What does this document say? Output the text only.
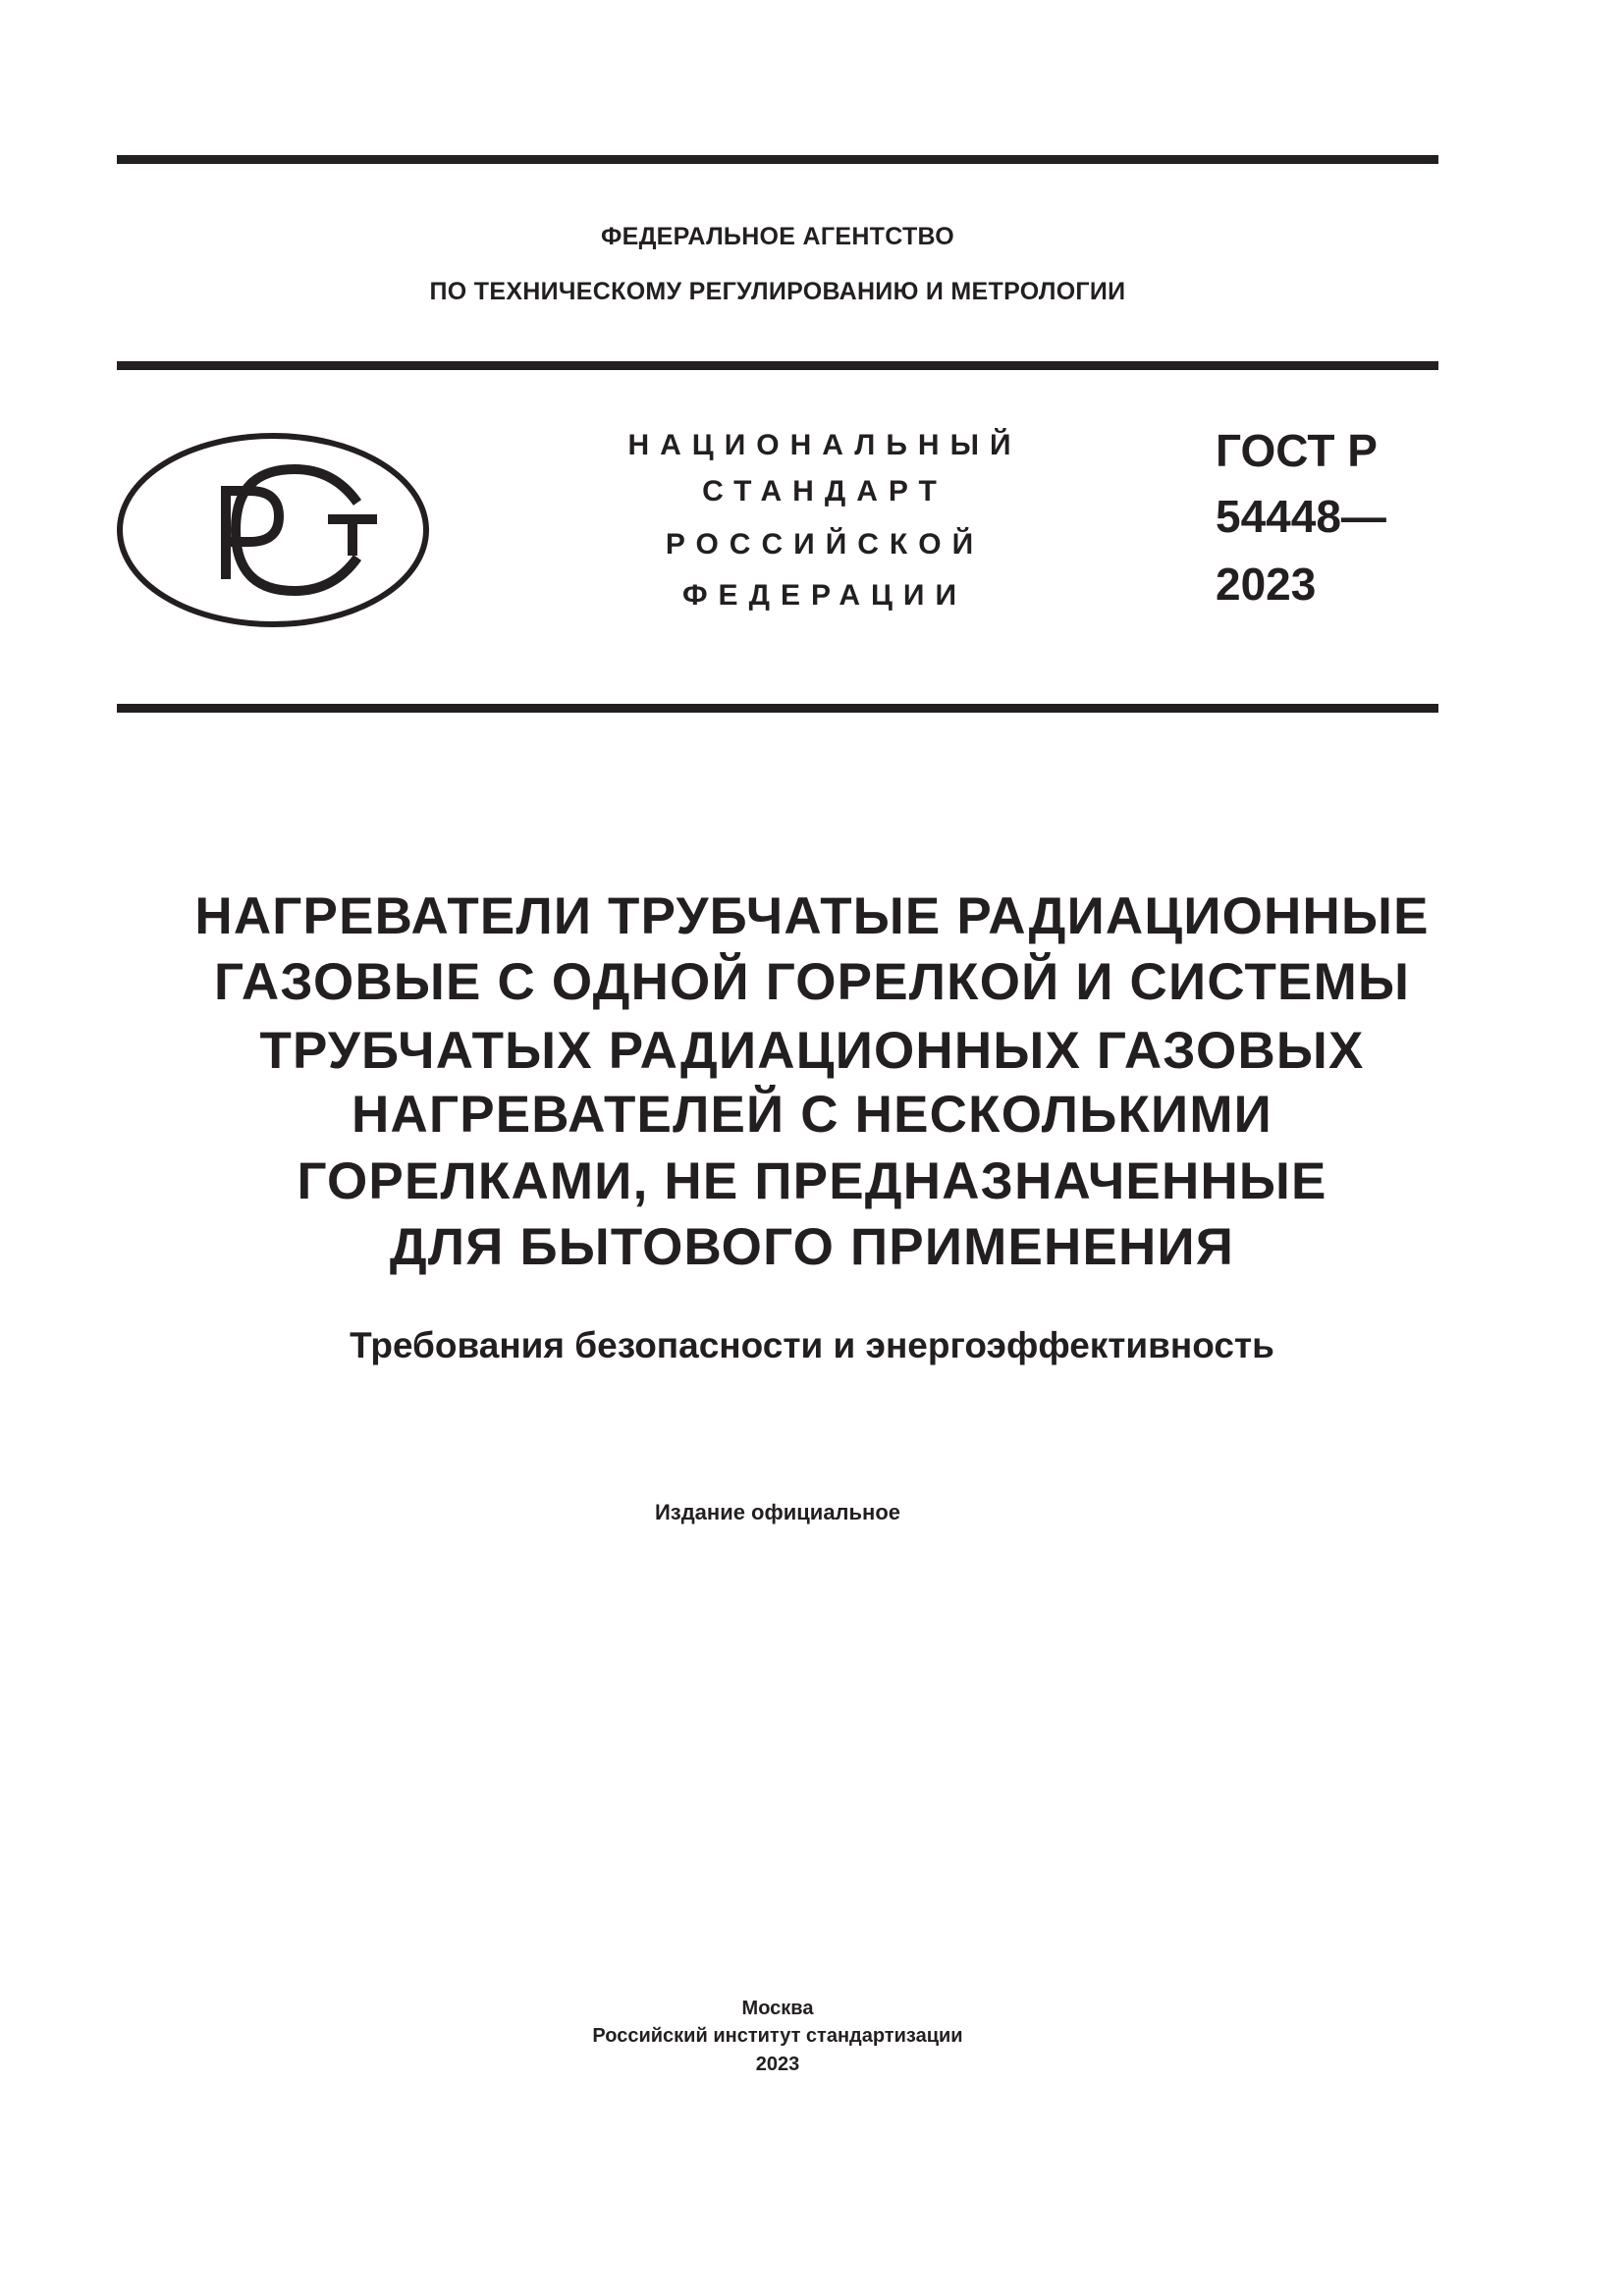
ФЕДЕРАЛЬНОЕ АГЕНТСТВО
ПО ТЕХНИЧЕСКОМУ РЕГУЛИРОВАНИЮ И МЕТРОЛОГИИ
НАЦИОНАЛЬНЫЙ
СТАНДАРТ
РОССИЙСКОЙ
ФЕДЕРАЦИИ
ГОСТ Р
54448—
2023
НАГРЕВАТЕЛИ ТРУБЧАТЫЕ РАДИАЦИОННЫЕ
ГАЗОВЫЕ С ОДНОЙ ГОРЕЛКОЙ И СИСТЕМЫ
ТРУБЧАТЫХ РАДИАЦИОННЫХ ГАЗОВЫХ
НАГРЕВАТЕЛЕЙ С НЕСКОЛЬКИМИ
ГОРЕЛКАМИ, НЕ ПРЕДНАЗНАЧЕННЫЕ
ДЛЯ БЫТОВОГО ПРИМЕНЕНИЯ
Требования безопасности и энергоэффективность
Издание официальное
Москва
Российский институт стандартизации
2023
